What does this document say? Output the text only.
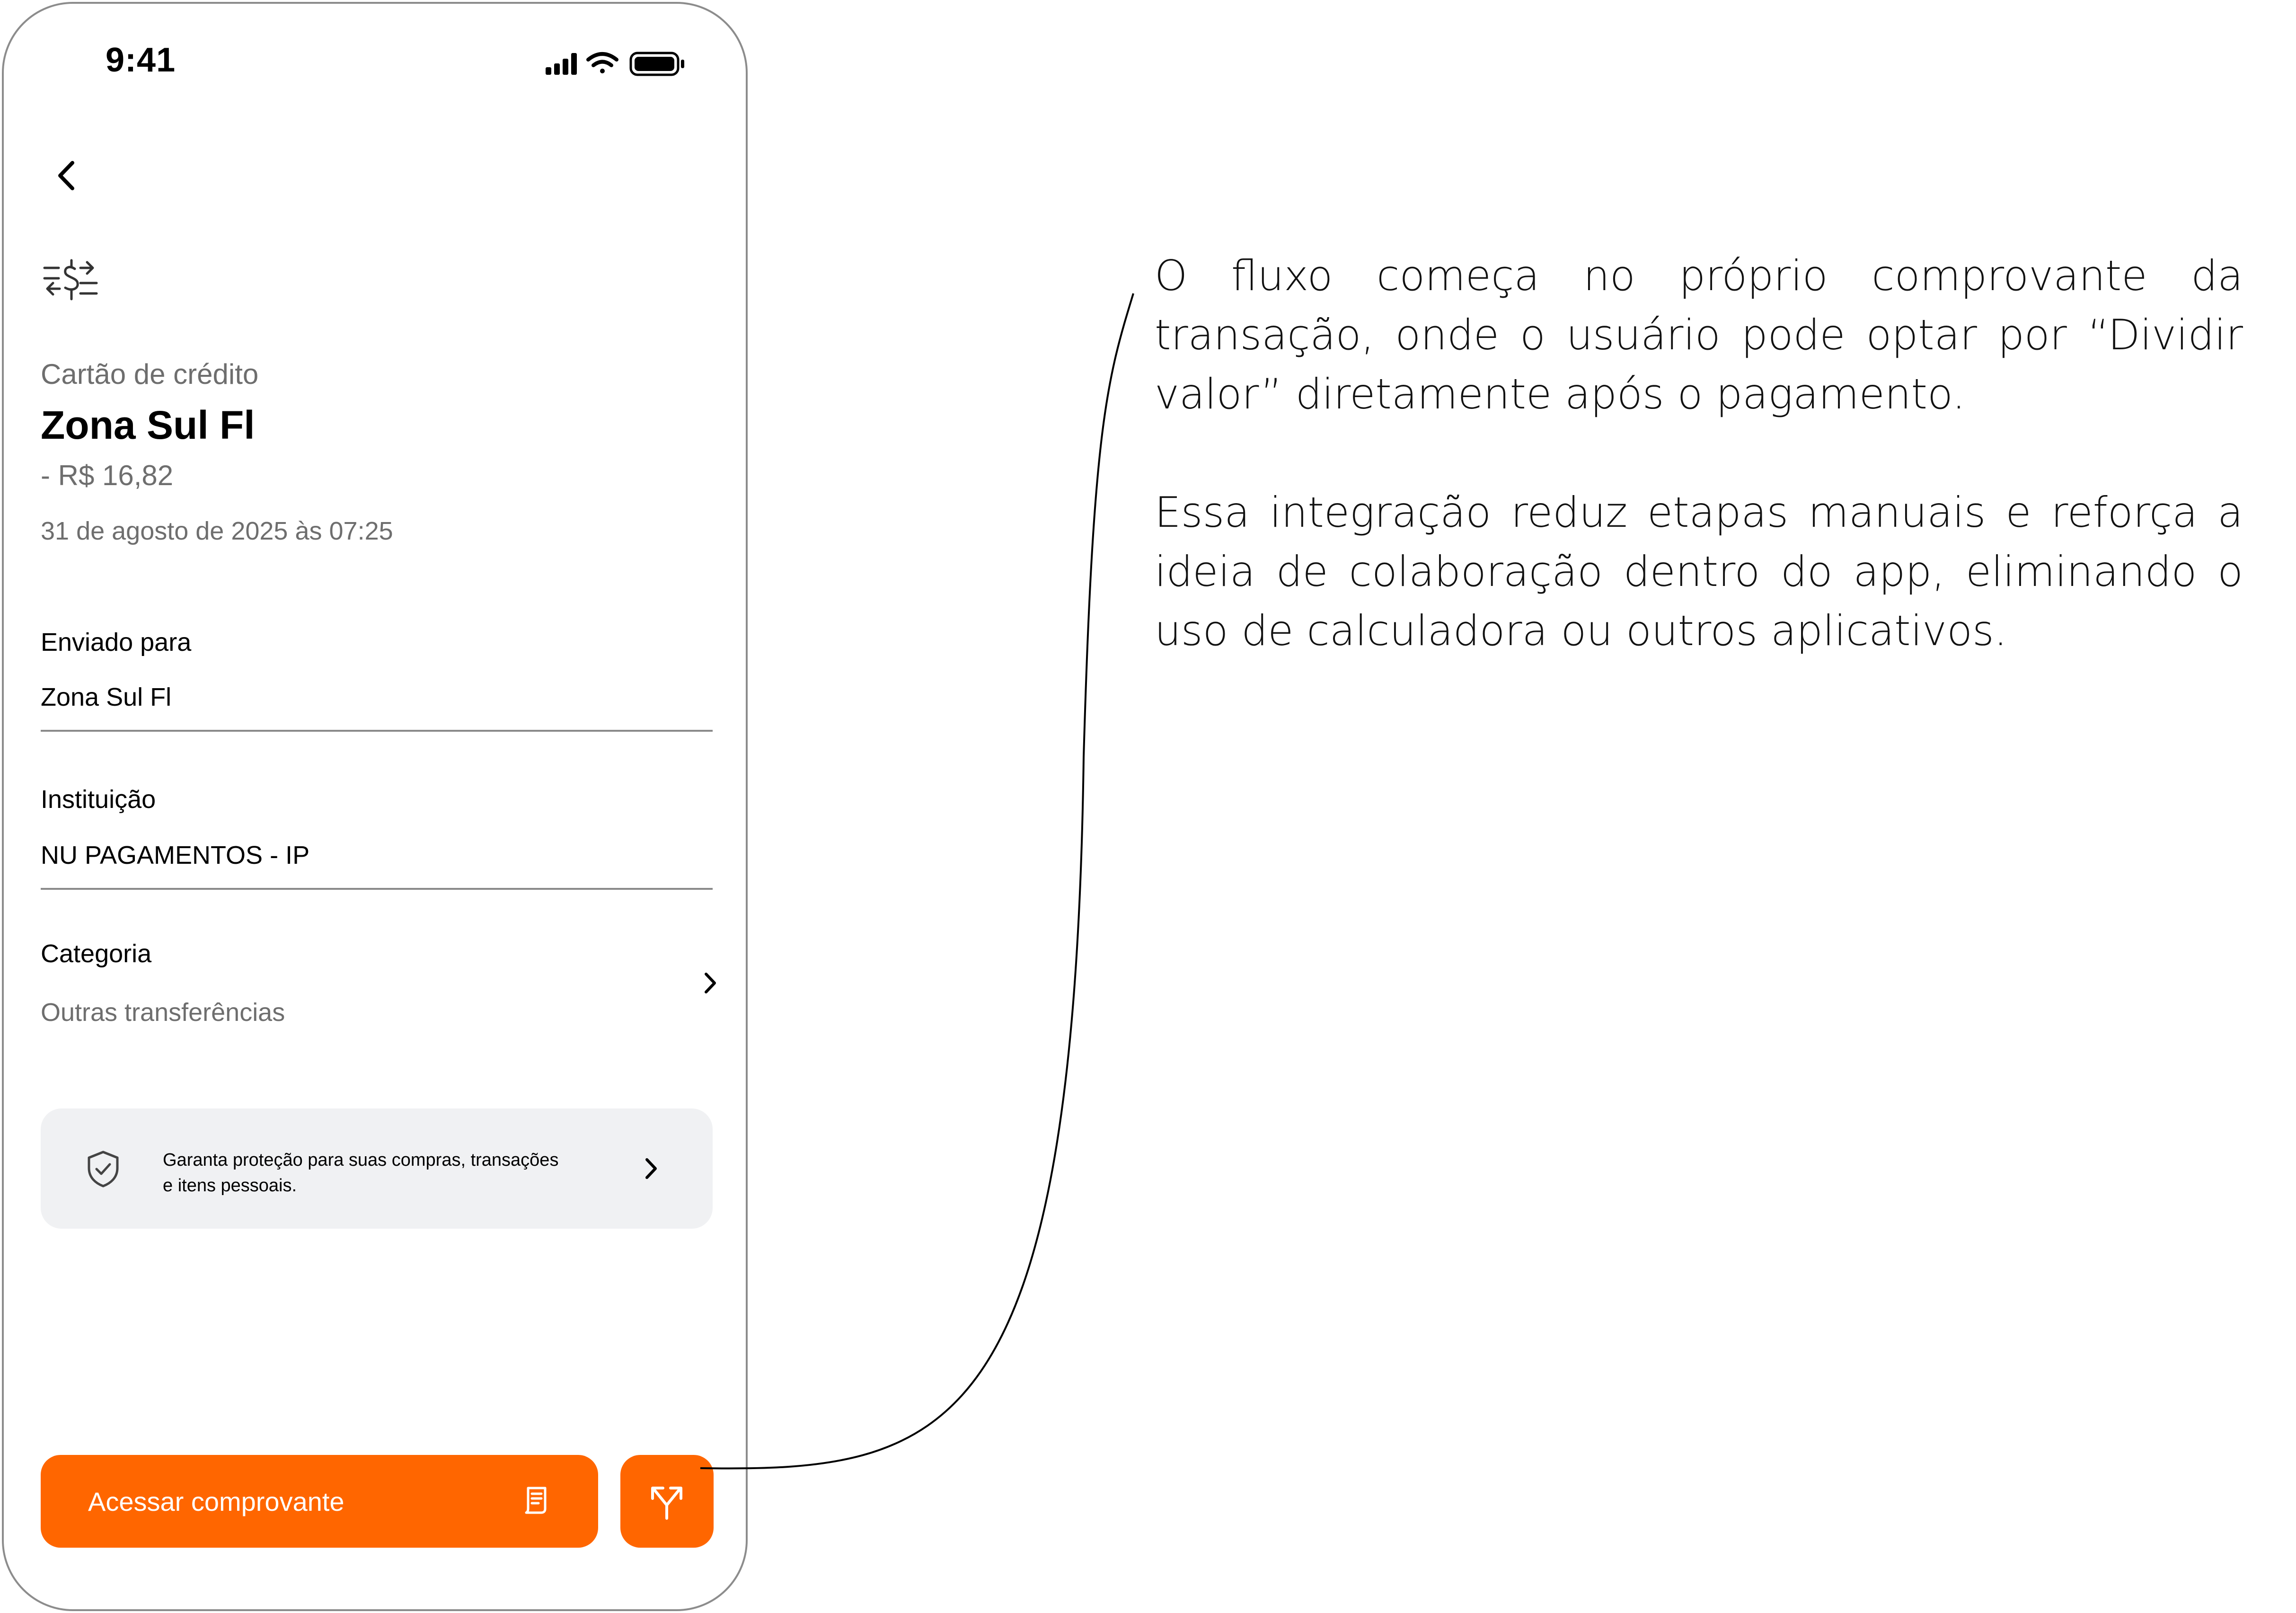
9:41
Cartão de crédito
Zona Sul Fl
- R$ 16,82
31 de agosto de 2025 às 07:25
Enviado para
Zona Sul Fl
Instituição
NU PAGAMENTOS - IP
Categoria
Outras transferências
Garanta proteção para suas compras, transações
e itens pessoais.
Acessar comprovante

O fluxo começa no próprio comprovante da transação, onde o usuário pode optar por “Dividir valor” diretamente após o pagamento.

Essa integração reduz etapas manuais e reforça a ideia de colaboração dentro do app, eliminando o uso de calculadora ou outros aplicativos.
